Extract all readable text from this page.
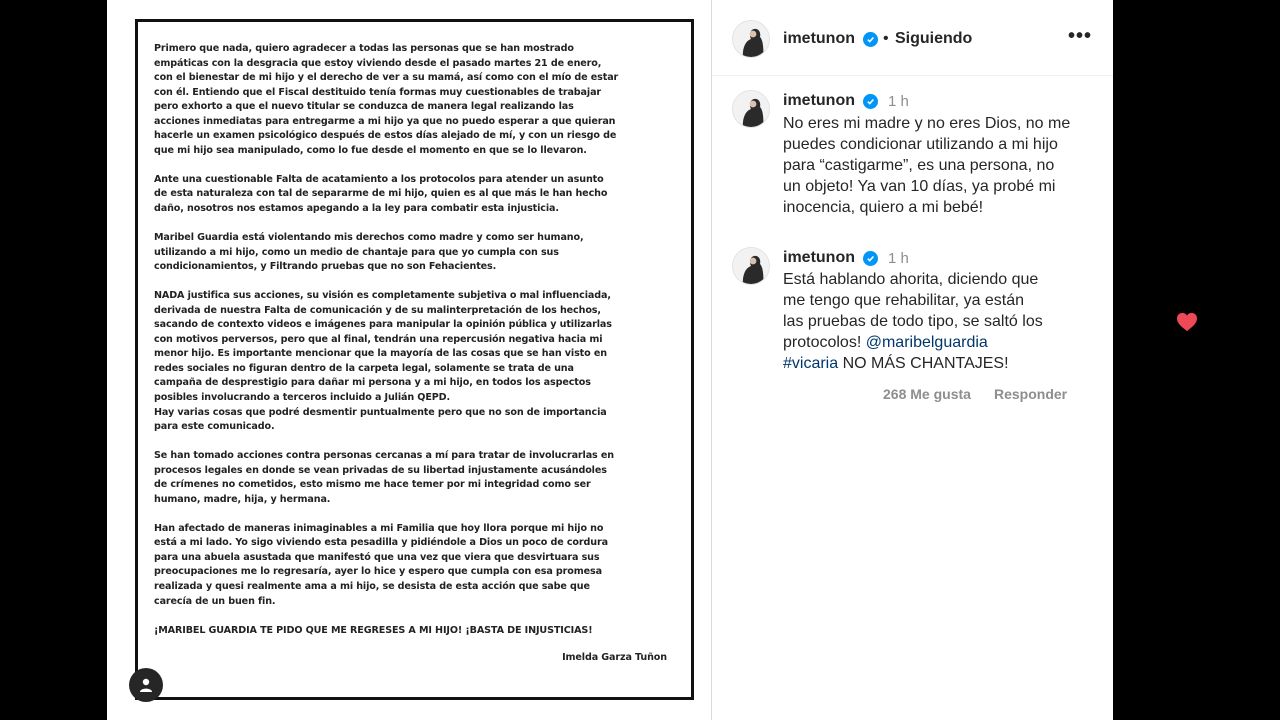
Primero que nada, quiero agradecer a todas las personas que se han mostrado
empáticas con la desgracia que estoy viviendo desde el pasado martes 21 de enero,
con el bienestar de mi hijo y el derecho de ver a su mamá, así como con el mío de estar
con él. Entiendo que el Fiscal destituido tenía formas muy cuestionables de trabajar
pero exhorto a que el nuevo titular se conduzca de manera legal realizando las
acciones inmediatas para entregarme a mi hijo ya que no puedo esperar a que quieran
hacerle un examen psicológico después de estos días alejado de mí, y con un riesgo de
que mi hijo sea manipulado, como lo fue desde el momento en que se lo llevaron.
Ante una cuestionable Falta de acatamiento a los protocolos para atender un asunto
de esta naturaleza con tal de separarme de mi hijo, quien es al que más le han hecho
daño, nosotros nos estamos apegando a la ley para combatir esta injusticia.
Maribel Guardia está violentando mis derechos como madre y como ser humano,
utilizando a mi hijo, como un medio de chantaje para que yo cumpla con sus
condicionamientos, y Filtrando pruebas que no son Fehacientes.
NADA justifica sus acciones, su visión es completamente subjetiva o mal influenciada,
derivada de nuestra Falta de comunicación y de su malinterpretación de los hechos,
sacando de contexto videos e imágenes para manipular la opinión pública y utilizarlas
con motivos perversos, pero que al final, tendrán una repercusión negativa hacia mi
menor hijo. Es importante mencionar que la mayoría de las cosas que se han visto en
redes sociales no figuran dentro de la carpeta legal, solamente se trata de una
campaña de desprestigio para dañar mi persona y a mi hijo, en todos los aspectos
posibles involucrando a terceros incluido a Julián QEPD.
Hay varias cosas que podré desmentir puntualmente pero que no son de importancia
para este comunicado.
Se han tomado acciones contra personas cercanas a mí para tratar de involucrarlas en
procesos legales en donde se vean privadas de su libertad injustamente acusándoles
de crímenes no cometidos, esto mismo me hace temer por mi integridad como ser
humano, madre, hija, y hermana.
Han afectado de maneras inimaginables a mi Familia que hoy llora porque mi hijo no
está a mi lado. Yo sigo viviendo esta pesadilla y pidiéndole a Dios un poco de cordura
para una abuela asustada que manifestó que una vez que viera que desvirtuara sus
preocupaciones me lo regresaría, ayer lo hice y espero que cumpla con esa promesa
realizada y quesi realmente ama a mi hijo, se desista de esta acción que sabe que
carecía de un buen fin.
¡MARIBEL GUARDIA TE PIDO QUE ME REGRESES A MI HIJO! ¡BASTA DE INJUSTICIAS!
Imelda Garza Tuñon
imetunon • Siguiendo	•••
imetunon 1 h
No eres mi madre y no eres Dios, no me
puedes condicionar utilizando a mi hijo
para “castigarme”, es una persona, no
un objeto! Ya van 10 días, ya probé mi
inocencia, quiero a mi bebé!
imetunon 1 h
Está hablando ahorita, diciendo que
me tengo que rehabilitar, ya están
las pruebas de todo tipo, se saltó los
protocolos! @maribelguardia
#vicaria NO MÁS CHANTAJES!
268 Me gusta Responder
